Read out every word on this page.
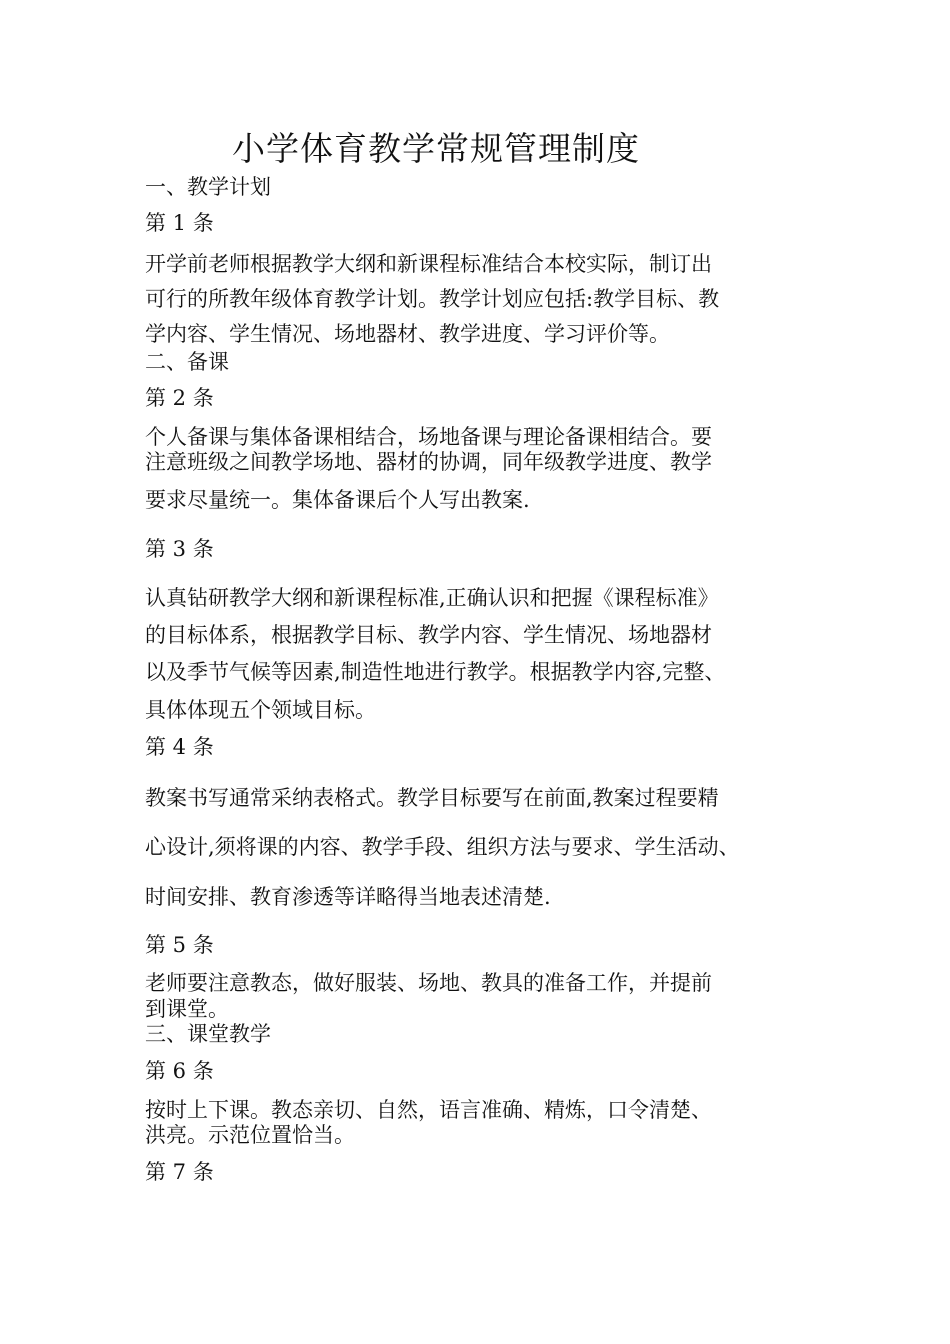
小学体育教学常规管理制度
一、教学计划
第 1 条
开学前老师根据教学大纲和新课程标准结合本校实际，制订出
可行的所教年级体育教学计划。教学计划应包括:教学目标、教
学内容、学生情况、场地器材、教学进度、学习评价等。
二、备课
第 2 条
个人备课与集体备课相结合，场地备课与理论备课相结合。要
注意班级之间教学场地、器材的协调，同年级教学进度、教学
要求尽量统一。集体备课后个人写出教案.
第 3 条
认真钻研教学大纲和新课程标准,正确认识和把握《课程标准》
的目标体系，根据教学目标、教学内容、学生情况、场地器材
以及季节气候等因素,制造性地进行教学。根据教学内容,完整、
具体体现五个领域目标。
第 4 条
教案书写通常采纳表格式。教学目标要写在前面,教案过程要精
心设计,须将课的内容、教学手段、组织方法与要求、学生活动、
时间安排、教育渗透等详略得当地表述清楚.
第 5 条
老师要注意教态，做好服装、场地、教具的准备工作，并提前
到课堂。
三、课堂教学
第 6 条
按时上下课。教态亲切、自然，语言准确、精炼，口令清楚、
洪亮。示范位置恰当。
第 7 条
